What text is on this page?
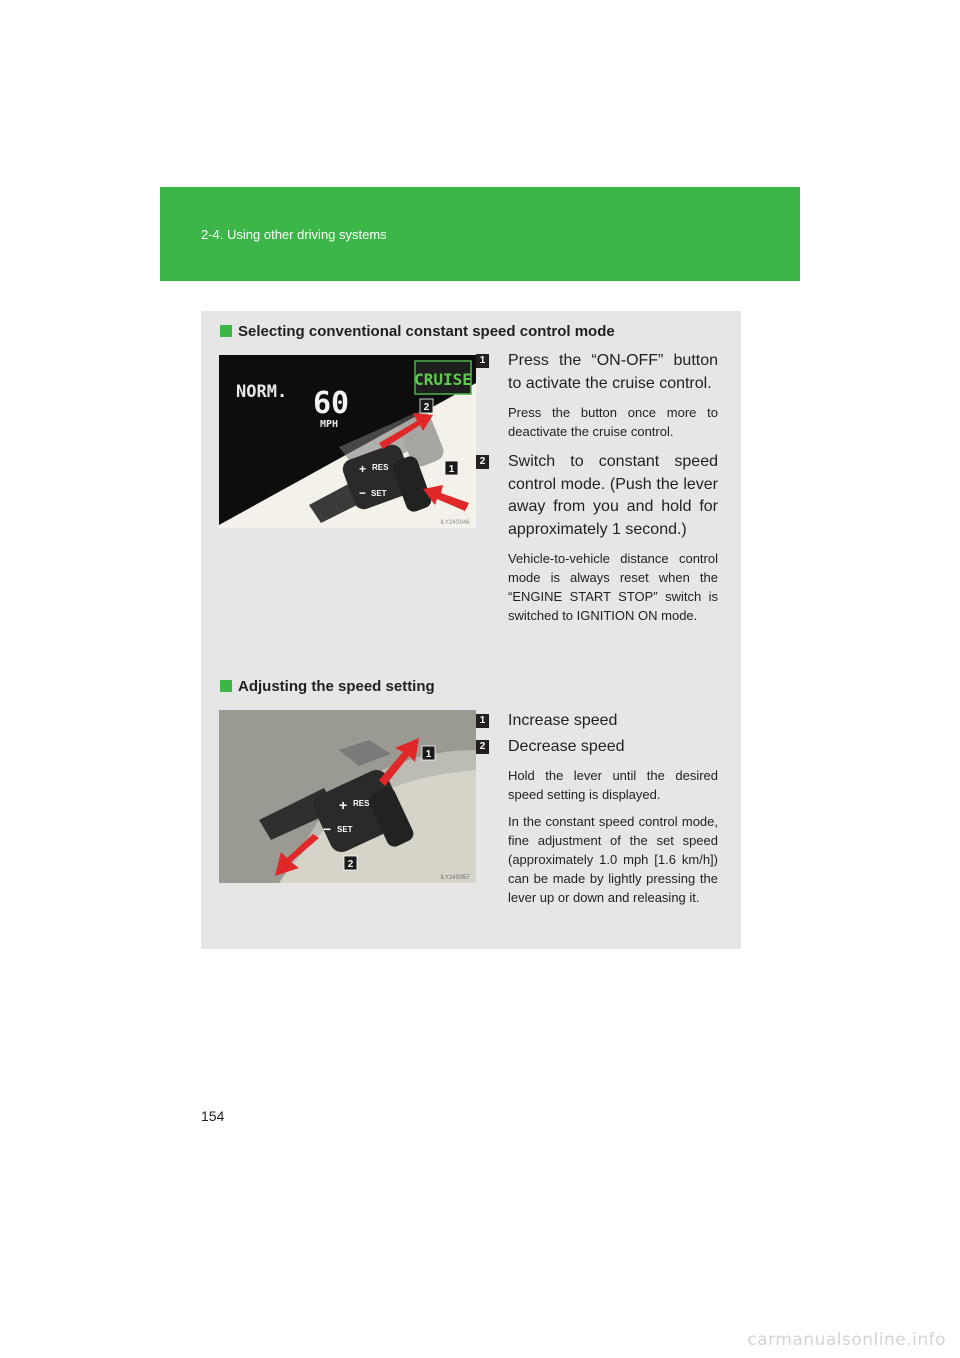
2-4. Using other driving systems
Selecting conventional constant speed control mode
CRUISE
NORM. 60
MPH
+ RES
− SET
2
1
ILY24S046
1 Press the “ON-OFF” button to activate the cruise control.
Press the button once more to deactivate the cruise control.
2 Switch to constant speed control mode. (Push the lever away from you and hold for approximately 1 second.)
Vehicle-to-vehicle distance control mode is always reset when the “ENGINE START STOP” switch is switched to IGNITION ON mode.
Adjusting the speed setting
+ RES
− SET
1
2
ILY24S057
1 Increase speed
2 Decrease speed
Hold the lever until the desired speed setting is displayed.
In the constant speed control mode, fine adjustment of the set speed (approximately 1.0 mph [1.6 km/h]) can be made by lightly pressing the lever up or down and releasing it.
154
carmanualsonline.info
